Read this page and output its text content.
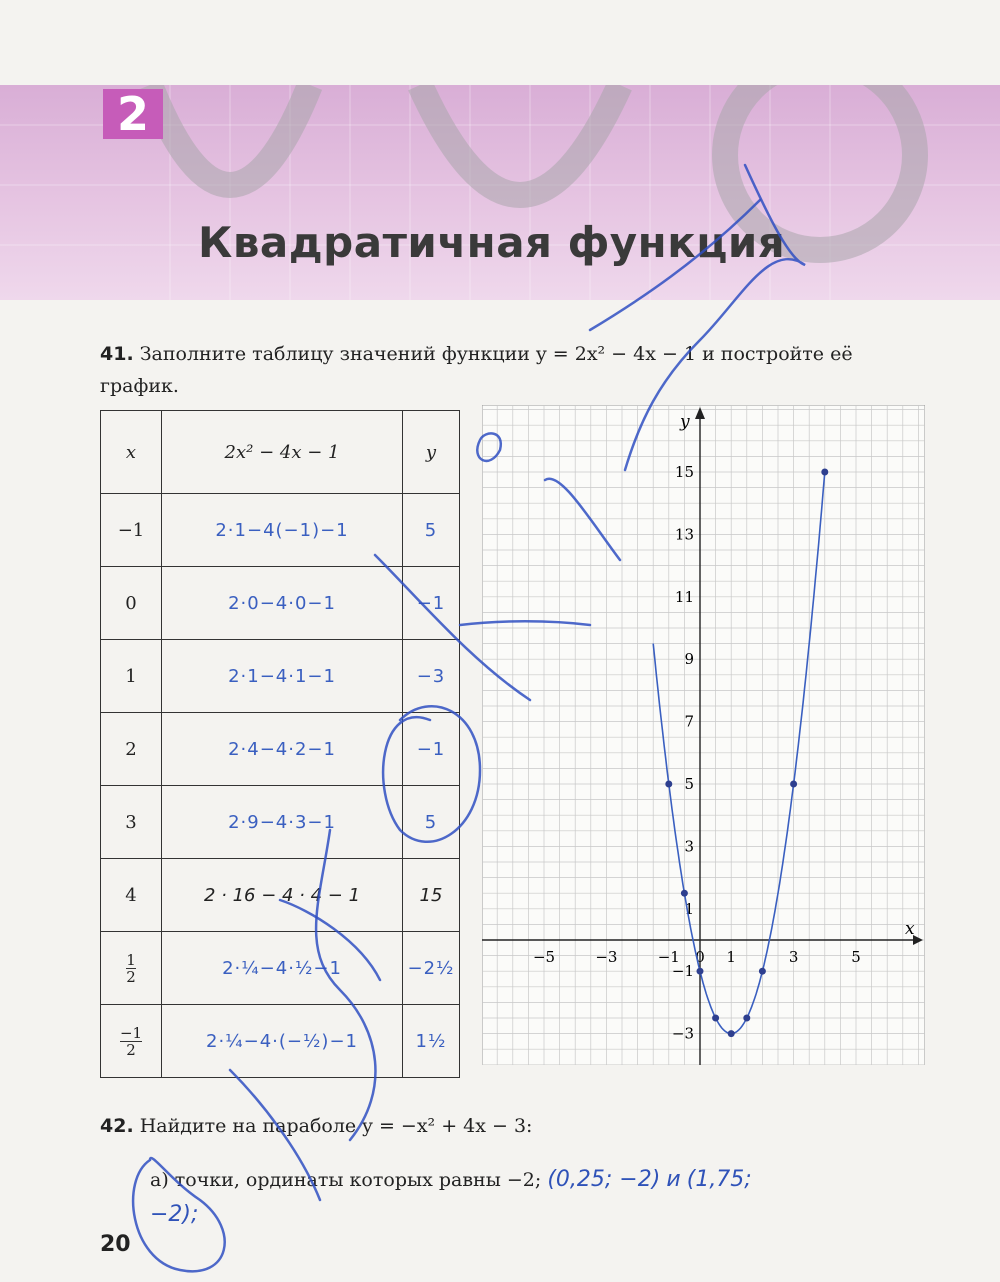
2
Квадратичная функция
41. Заполните таблицу значений функции y = 2x² − 4x − 1 и постройте её график.
x	2x² − 4x − 1	y
−1	2·1−4(−1)−1	5
0	2·0−4·0−1	−1
1	2·1−4·1−1	−3
2	2·4−4·2−1	−1
3	2·9−4·3−1	5
4	2 · 16 − 4 · 4 − 1	15

$\frac{1}{2}$	2·¼−4·½−1	−2½

$\frac{-1}{2}$	2·¼−4·(−½)−1	1½
x
y
−5	−3	−1 0 1	3	5
15
13
11
9
7
5
3
1
−1
−3
42. Найдите на параболе y = −x² + 4x − 3:
а) точки, ординаты которых равны −2; (0,25; −2) и (1,75;
−2);
20
